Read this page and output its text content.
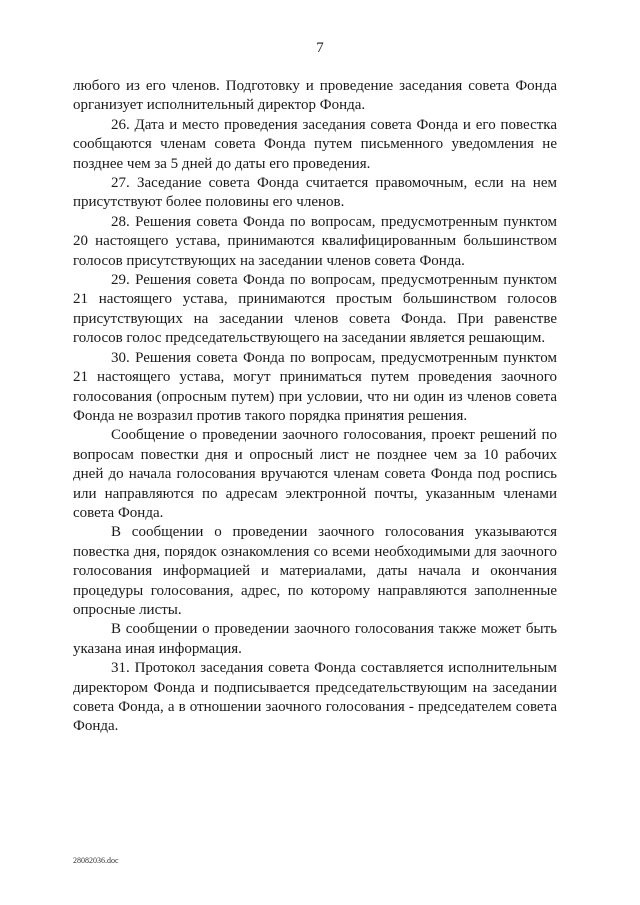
7

любого из его членов. Подготовку и проведение заседания совета Фонда организует исполнительный директор Фонда.

26. Дата и место проведения заседания совета Фонда и его повестка сообщаются членам совета Фонда путем письменного уведомления не позднее чем за 5 дней до даты его проведения.

27. Заседание совета Фонда считается правомочным, если на нем присутствуют более половины его членов.

28. Решения совета Фонда по вопросам, предусмотренным пунктом 20 настоящего устава, принимаются квалифицированным большинством голосов присутствующих на заседании членов совета Фонда.

29. Решения совета Фонда по вопросам, предусмотренным пунктом 21 настоящего устава, принимаются простым большинством голосов присутствующих на заседании членов совета Фонда. При равенстве голосов голос председательствующего на заседании является решающим.

30. Решения совета Фонда по вопросам, предусмотренным пунктом 21 настоящего устава, могут приниматься путем проведения заочного голосования (опросным путем) при условии, что ни один из членов совета Фонда не возразил против такого порядка принятия решения.

Сообщение о проведении заочного голосования, проект решений по вопросам повестки дня и опросный лист не позднее чем за 10 рабочих дней до начала голосования вручаются членам совета Фонда под роспись или направляются по адресам электронной почты, указанным членами совета Фонда.

В сообщении о проведении заочного голосования указываются повестка дня, порядок ознакомления со всеми необходимыми для заочного голосования информацией и материалами, даты начала и окончания процедуры голосования, адрес, по которому направляются заполненные опросные листы.

В сообщении о проведении заочного голосования также может быть указана иная информация.

31. Протокол заседания совета Фонда составляется исполнительным директором Фонда и подписывается председательствующим на заседании совета Фонда, а в отношении заочного голосования - председателем совета Фонда.

28082036.doc
